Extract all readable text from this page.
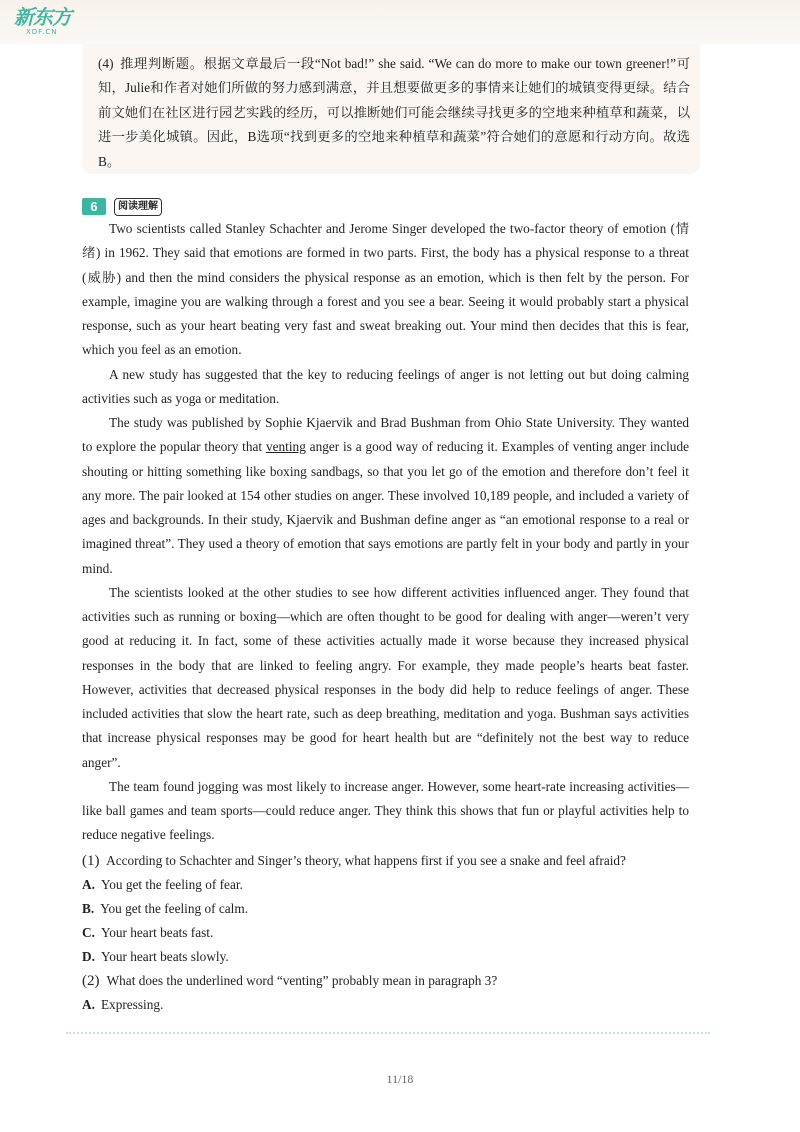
新东方
XDF.CN
(4) 推理判断题。根据文章最后一段“Not bad!” she said. “We can do more to make our town greener!”可知，Julie和作者对她们所做的努力感到满意，并且想要做更多的事情来让她们的城镇变得更绿。结合前文她们在社区进行园艺实践的经历，可以推断她们可能会继续寻找更多的空地来种植草和蔬菜，以进一步美化城镇。因此，B选项“找到更多的空地来种植草和蔬菜”符合她们的意愿和行动方向。故选B。
6	阅读理解

Two scientists called Stanley Schachter and Jerome Singer developed the two-factor theory of emotion (情绪) in 1962. They said that emotions are formed in two parts. First, the body has a physical response to a threat (威胁) and then the mind considers the physical response as an emotion, which is then felt by the person. For example, imagine you are walking through a forest and you see a bear. Seeing it would probably start a physical response, such as your heart beating very fast and sweat breaking out. Your mind then decides that this is fear, which you feel as an emotion.

A new study has suggested that the key to reducing feelings of anger is not letting out but doing calming activities such as yoga or meditation.

The study was published by Sophie Kjaervik and Brad Bushman from Ohio State University. They wanted to explore the popular theory that venting anger is a good way of reducing it. Examples of venting anger include shouting or hitting something like boxing sandbags, so that you let go of the emotion and therefore don’t feel it any more. The pair looked at 154 other studies on anger. These involved 10,189 people, and included a variety of ages and backgrounds. In their study, Kjaervik and Bushman define anger as “an emotional response to a real or imagined threat”. They used a theory of emotion that says emotions are partly felt in your body and partly in your mind.

The scientists looked at the other studies to see how different activities influenced anger. They found that activities such as running or boxing—which are often thought to be good for dealing with anger—weren’t very good at reducing it. In fact, some of these activities actually made it worse because they increased physical responses in the body that are linked to feeling angry. For example, they made people’s hearts beat faster. However, activities that decreased physical responses in the body did help to reduce feelings of anger. These included activities that slow the heart rate, such as deep breathing, meditation and yoga. Bushman says activities that increase physical responses may be good for heart health but are “definitely not the best way to reduce anger”.

The team found jogging was most likely to increase anger. However, some heart-rate increasing activities—like ball games and team sports—could reduce anger. They think this shows that fun or playful activities help to reduce negative feelings.

(1) According to Schachter and Singer’s theory, what happens first if you see a snake and feel afraid?
A. You get the feeling of fear.
B. You get the feeling of calm.
C. Your heart beats fast.
D. Your heart beats slowly.
(2) What does the underlined word “venting” probably mean in paragraph 3?
A. Expressing.
11/18
